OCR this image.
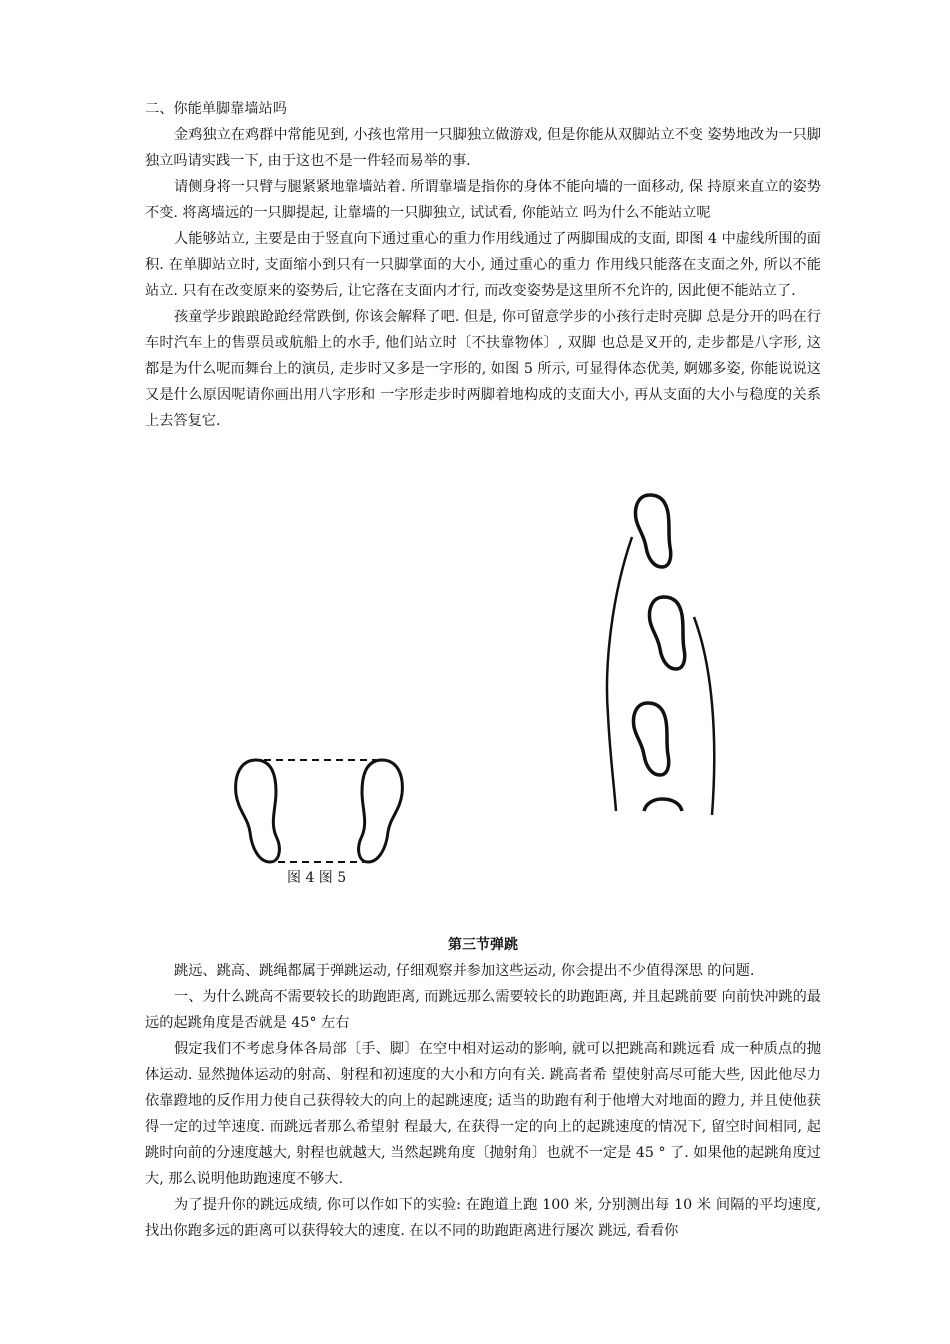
二、你能单脚靠墙站吗

金鸡独立在鸡群中常能见到, 小孩也常用一只脚独立做游戏, 但是你能从双脚站立不变 姿势地改为一只脚独立吗请实践一下, 由于这也不是一件轻而易举的事.

请侧身将一只臂与腿紧紧地靠墙站着. 所谓靠墙是指你的身体不能向墙的一面移动, 保 持原来直立的姿势不变. 将离墙远的一只脚提起, 让靠墙的一只脚独立, 试试看, 你能站立 吗为什么不能站立呢

人能够站立, 主要是由于竖直向下通过重心的重力作用线通过了两脚围成的支面, 即图 4 中虚线所围的面积. 在单脚站立时, 支面缩小到只有一只脚掌面的大小, 通过重心的重力 作用线只能落在支面之外, 所以不能站立. 只有在改变原来的姿势后, 让它落在支面内才行, 而改变姿势是这里所不允许的, 因此便不能站立了.

孩童学步踉踉跄跄经常跌倒, 你该会解释了吧. 但是, 你可留意学步的小孩行走时亮脚 总是分开的吗在行车时汽车上的售票员或航船上的水手, 他们站立时〔不扶靠物体〕, 双脚 也总是叉开的, 走步都是八字形, 这都是为什么呢而舞台上的演员, 走步时又多是一字形的, 如图 5 所示, 可显得体态优美, 婀娜多姿, 你能说说这又是什么原因呢请你画出用八字形和 一字形走步时两脚着地构成的支面大小, 再从支面的大小与稳度的关系上去答复它.

图 4 图 5

第三节弹跳

跳远、跳高、跳绳都属于弹跳运动, 仔细观察并参加这些运动, 你会提出不少值得深思 的问题.

一、为什么跳高不需要较长的助跑距离, 而跳远那么需要较长的助跑距离, 并且起跳前要 向前快冲跳的最远的起跳角度是否就是 45° 左右

假定我们不考虑身体各局部〔手、脚〕在空中相对运动的影响, 就可以把跳高和跳远看 成一种质点的抛体运动. 显然抛体运动的射高、射程和初速度的大小和方向有关. 跳高者希 望使射高尽可能大些, 因此他尽力依靠蹬地的反作用力使自己获得较大的向上的起跳速度; 适当的助跑有利于他增大对地面的蹬力, 并且使他获得一定的过竿速度. 而跳远者那么希望射 程最大, 在获得一定的向上的起跳速度的情况下, 留空时间相同, 起跳时向前的分速度越大, 射程也就越大, 当然起跳角度〔抛射角〕也就不一定是 45 ° 了. 如果他的起跳角度过大, 那么说明他助跑速度不够大.

为了提升你的跳远成绩, 你可以作如下的实验: 在跑道上跑 100 米, 分别测出每 10 米 间隔的平均速度, 找出你跑多远的距离可以获得较大的速度. 在以不同的助跑距离进行屡次 跳远, 看看你
